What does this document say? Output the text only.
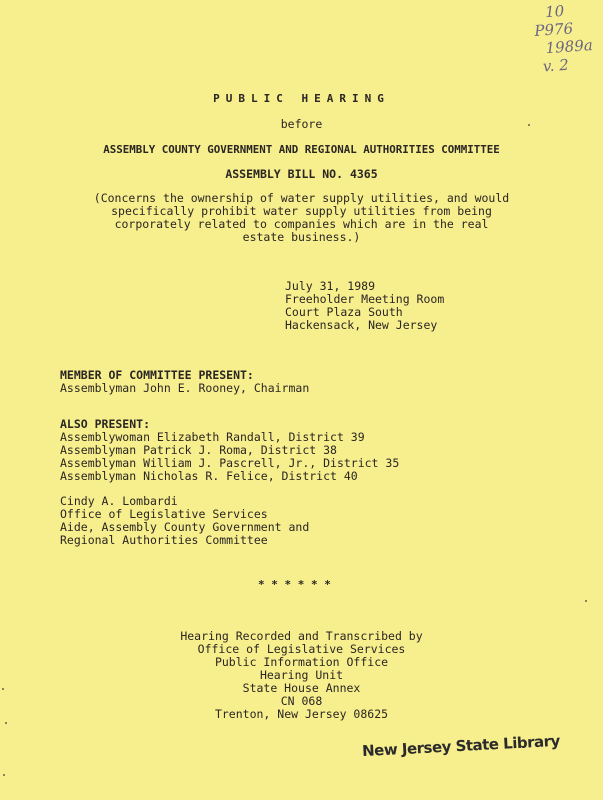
10
P976
1989a
v. 2
PUBLIC HEARING
before
ASSEMBLY COUNTY GOVERNMENT AND REGIONAL AUTHORITIES COMMITTEE
ASSEMBLY BILL NO. 4365
(Concerns the ownership of water supply utilities, and would
specifically prohibit water supply utilities from being
corporately related to companies which are in the real
estate business.)
July 31, 1989
Freeholder Meeting Room
Court Plaza South
Hackensack, New Jersey
MEMBER OF COMMITTEE PRESENT:
Assemblyman John E. Rooney, Chairman
ALSO PRESENT:
Assemblywoman Elizabeth Randall, District 39
Assemblyman Patrick J. Roma, District 38
Assemblyman William J. Pascrell, Jr., District 35
Assemblyman Nicholas R. Felice, District 40
Cindy A. Lombardi
Office of Legislative Services
Aide, Assembly County Government and
Regional Authorities Committee
* * * * * *
Hearing Recorded and Transcribed by
Office of Legislative Services
Public Information Office
Hearing Unit
State House Annex
CN 068
Trenton, New Jersey 08625
New Jersey State Library
